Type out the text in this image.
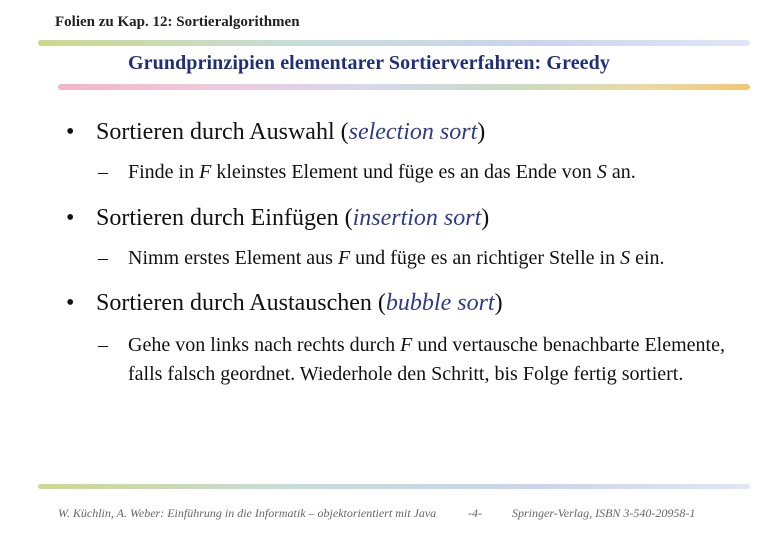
Folien zu Kap. 12: Sortieralgorithmen
Grundprinzipien elementarer Sortierverfahren: Greedy
• Sortieren durch Auswahl (selection sort)
– Finde in F kleinstes Element und füge es an das Ende von S an.
• Sortieren durch Einfügen (insertion sort)
– Nimm erstes Element aus F und füge es an richtiger Stelle in S ein.
• Sortieren durch Austauschen (bubble sort)
– Gehe von links nach rechts durch F und vertausche benachbarte Elemente, falls falsch geordnet. Wiederhole den Schritt, bis Folge fertig sortiert.
W. Küchlin, A. Weber: Einführung in die Informatik – objektorientiert mit Java	-4-	Springer-Verlag, ISBN 3-540-20958-1
